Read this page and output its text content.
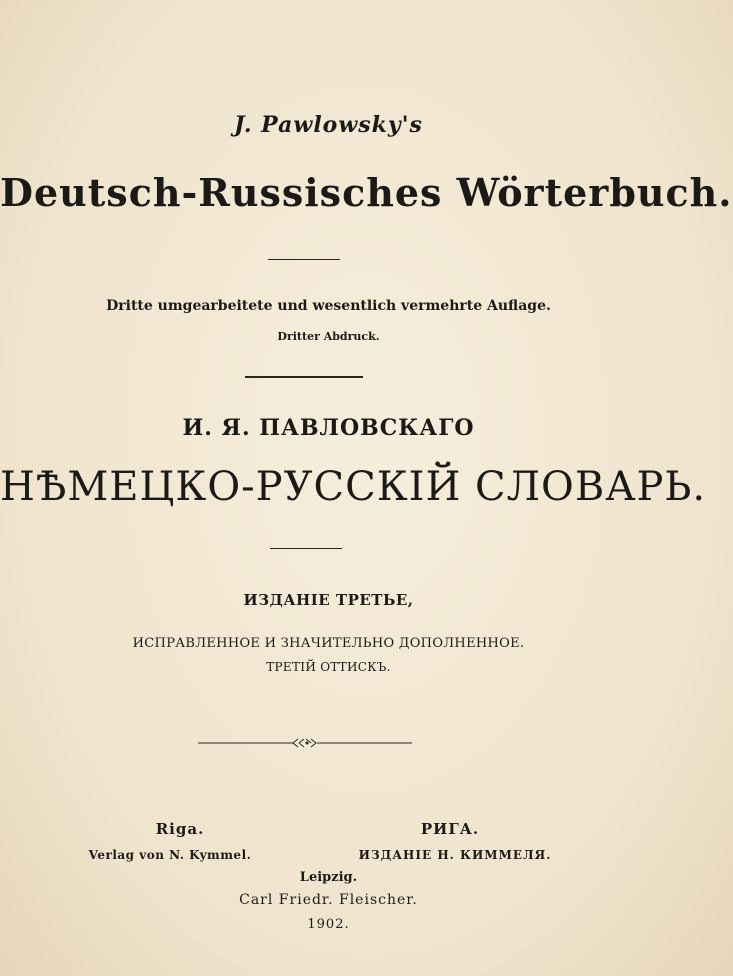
J. Pawlowsky's
Deutsch-Russisches Wörterbuch.
Dritte umgearbeitete und wesentlich vermehrte Auflage.
Dritter Abdruck.
И. Я. ПАВЛОВСКАГО
НѢМЕЦКО-РУССКІЙ СЛОВАРЬ.
ИЗДАНІЕ ТРЕТЬЕ,
ИСПРАВЛЕННОЕ И ЗНАЧИТЕЛЬНО ДОПОЛНЕННОЕ.
ТРЕТІЙ ОТТИСКЪ.
Riga.
Verlag von N. Kymmel.
РИГА.
ИЗДАНІЕ Н. КИММЕЛЯ.
Leipzig.
Carl Friedr. Fleischer.
1902.
